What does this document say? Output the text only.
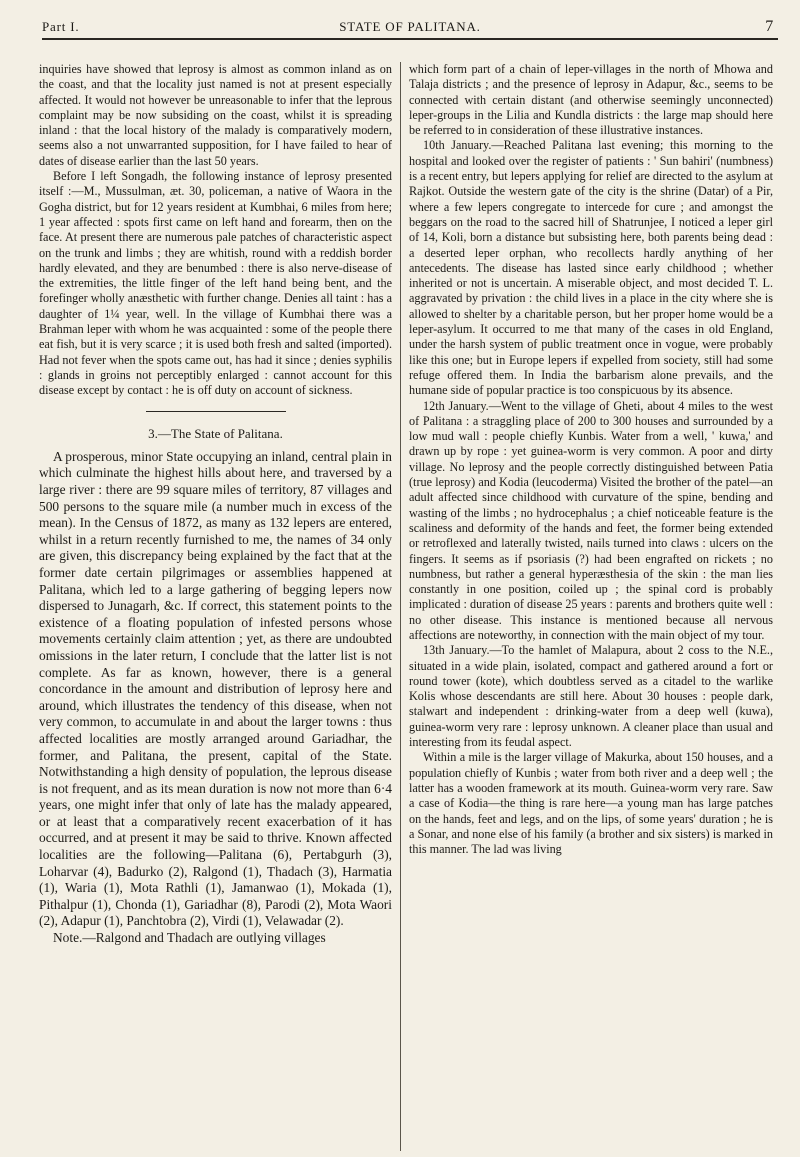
Part I.	STATE OF PALITANA.	7

inquiries have showed that leprosy is almost as common inland as on the coast, and that the locality just named is not at present especially affected. It would not however be unreasonable to infer that the leprous complaint may be now subsiding on the coast, whilst it is spreading inland : that the local history of the malady is comparatively modern, seems also a not unwarranted supposition, for I have failed to hear of dates of disease earlier than the last 50 years.

Before I left Songadh, the following instance of leprosy presented itself :—M., Mussulman, æt. 30, policeman, a native of Waora in the Gogha district, but for 12 years resident at Kumbhai, 6 miles from here; 1 year affected : spots first came on left hand and forearm, then on the face. At present there are numerous pale patches of characteristic aspect on the trunk and limbs ; they are whitish, round with a reddish border hardly elevated, and they are benumbed : there is also nerve-disease of the extremities, the little finger of the left hand being bent, and the forefinger wholly anæsthetic with further change. Denies all taint : has a daughter of 1¼ year, well. In the village of Kumbhai there was a Brahman leper with whom he was acquainted : some of the people there eat fish, but it is very scarce ; it is used both fresh and salted (imported). Had not fever when the spots came out, has had it since ; denies syphilis : glands in groins not perceptibly enlarged : cannot account for this disease except by contact : he is off duty on account of sickness.

3.—The State of Palitana.

A prosperous, minor State occupying an inland, central plain in which culminate the highest hills about here, and traversed by a large river : there are 99 square miles of territory, 87 villages and 500 persons to the square mile (a number much in excess of the mean). In the Census of 1872, as many as 132 lepers are entered, whilst in a return recently furnished to me, the names of 34 only are given, this discrepancy being explained by the fact that at the former date certain pilgrimages or assemblies happened at Palitana, which led to a large gathering of begging lepers now dispersed to Junagarh, &c. If correct, this statement points to the existence of a floating population of infested persons whose movements certainly claim attention ; yet, as there are undoubted omissions in the later return, I conclude that the latter list is not complete. As far as known, however, there is a general concordance in the amount and distribution of leprosy here and around, which illustrates the tendency of this disease, when not very common, to accumulate in and about the larger towns : thus affected localities are mostly arranged around Gariadhar, the former, and Palitana, the present, capital of the State. Notwithstanding a high density of population, the leprous disease is not frequent, and as its mean duration is now not more than 6·4 years, one might infer that only of late has the malady appeared, or at least that a comparatively recent exacerbation of it has occurred, and at present it may be said to thrive. Known affected localities are the following—Palitana (6), Pertabgurh (3), Loharvar (4), Badurko (2), Ralgond (1), Thadach (3), Harmatia (1), Waria (1), Mota Rathli (1), Jamanwao (1), Mokada (1), Pithalpur (1), Chonda (1), Gariadhar (8), Parodi (2), Mota Waori (2), Adapur (1), Panchtobra (2), Virdi (1), Velawadar (2).

Note.—Ralgond and Thadach are outlying villages

which form part of a chain of leper-villages in the north of Mhowa and Talaja districts ; and the presence of leprosy in Adapur, &c., seems to be connected with certain distant (and otherwise seemingly unconnected) leper-groups in the Lilia and Kundla districts : the large map should here be referred to in consideration of these illustrative instances.

10th January.—Reached Palitana last evening; this morning to the hospital and looked over the register of patients : ' Sun bahiri' (numbness) is a recent entry, but lepers applying for relief are directed to the asylum at Rajkot. Outside the western gate of the city is the shrine (Datar) of a Pir, where a few lepers congregate to intercede for cure ; and amongst the beggars on the road to the sacred hill of Shatrunjee, I noticed a leper girl of 14, Koli, born a distance but subsisting here, both parents being dead : a deserted leper orphan, who recollects hardly anything of her antecedents. The disease has lasted since early childhood ; whether inherited or not is uncertain. A miserable object, and most decided T. L. aggravated by privation : the child lives in a place in the city where she is allowed to shelter by a charitable person, but her proper home would be a leper-asylum. It occurred to me that many of the cases in old England, under the harsh system of public treatment once in vogue, were probably like this one; but in Europe lepers if expelled from society, still had some refuge offered them. In India the barbarism alone prevails, and the humane side of popular practice is too conspicuous by its absence.

12th January.—Went to the village of Gheti, about 4 miles to the west of Palitana : a straggling place of 200 to 300 houses and surrounded by a low mud wall : people chiefly Kunbis. Water from a well, ' kuwa,' and drawn up by rope : yet guinea-worm is very common. A poor and dirty village. No leprosy and the people correctly distinguished between Patia (true leprosy) and Kodia (leucoderma) Visited the brother of the patel—an adult affected since childhood with curvature of the spine, bending and wasting of the limbs ; no hydrocephalus ; a chief noticeable feature is the scaliness and deformity of the hands and feet, the former being extended or retroflexed and laterally twisted, nails turned into claws : ulcers on the fingers. It seems as if psoriasis (?) had been engrafted on rickets ; no numbness, but rather a general hyperæsthesia of the skin : the man lies constantly in one position, coiled up ; the spinal cord is probably implicated : duration of disease 25 years : parents and brothers quite well : no other disease. This instance is mentioned because all nervous affections are noteworthy, in connection with the main object of my tour.

13th January.—To the hamlet of Malapura, about 2 coss to the N.E., situated in a wide plain, isolated, compact and gathered around a fort or round tower (kote), which doubtless served as a citadel to the warlike Kolis whose descendants are still here. About 30 houses : people dark, stalwart and independent : drinking-water from a deep well (kuwa), guinea-worm very rare : leprosy unknown. A cleaner place than usual and interesting from its feudal aspect.

Within a mile is the larger village of Makurka, about 150 houses, and a population chiefly of Kunbis ; water from both river and a deep well ; the latter has a wooden framework at its mouth. Guinea-worm very rare. Saw a case of Kodia—the thing is rare here—a young man has large patches on the hands, feet and legs, and on the lips, of some years' duration ; he is a Sonar, and none else of his family (a brother and six sisters) is marked in this manner. The lad was living
